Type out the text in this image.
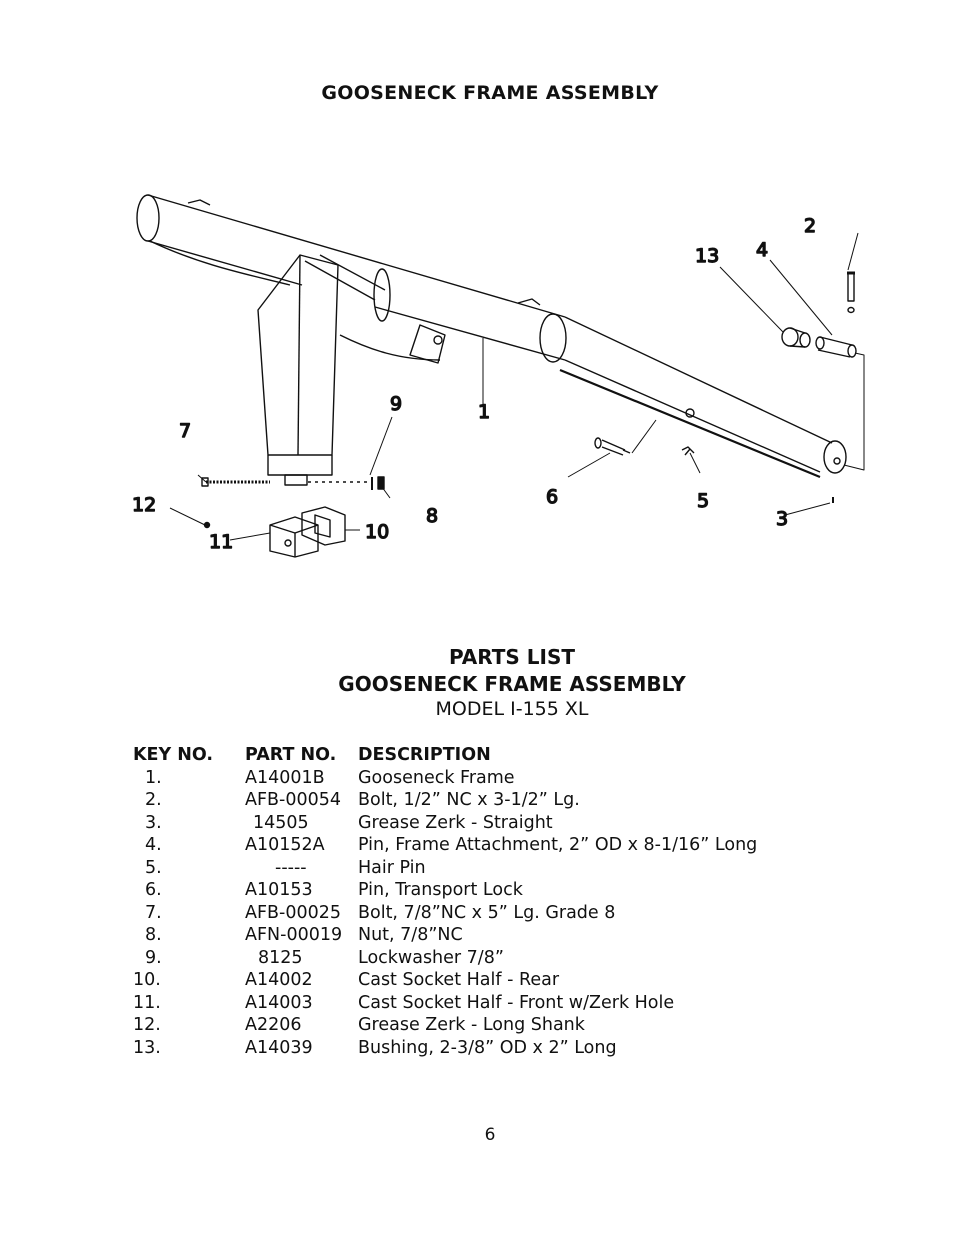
GOOSENECK FRAME ASSEMBLY
1
2
3
4
5
6
7
8
9
10
11
12
13
PARTS LIST
GOOSENECK FRAME ASSEMBLY
MODEL I-155 XL
KEY NO. PART NO. DESCRIPTION
1.	A14001B Gooseneck Frame
2.	AFB-00054 Bolt, 1/2” NC x 3-1/2” Lg.
3.	14505	Grease Zerk - Straight
4.	A10152A Pin, Frame Attachment, 2” OD x 8-1/16” Long
5.	-----	Hair Pin
6.	A10153	Pin, Transport Lock
7.	AFB-00025 Bolt, 7/8”NC x 5” Lg. Grade 8
8.	AFN-00019 Nut, 7/8”NC
9.	8125	Lockwasher 7/8”
10.	A14002	Cast Socket Half - Rear
11.	A14003	Cast Socket Half - Front w/Zerk Hole
12.	A2206	Grease Zerk - Long Shank
13.	A14039	Bushing, 2-3/8” OD x 2” Long
6
